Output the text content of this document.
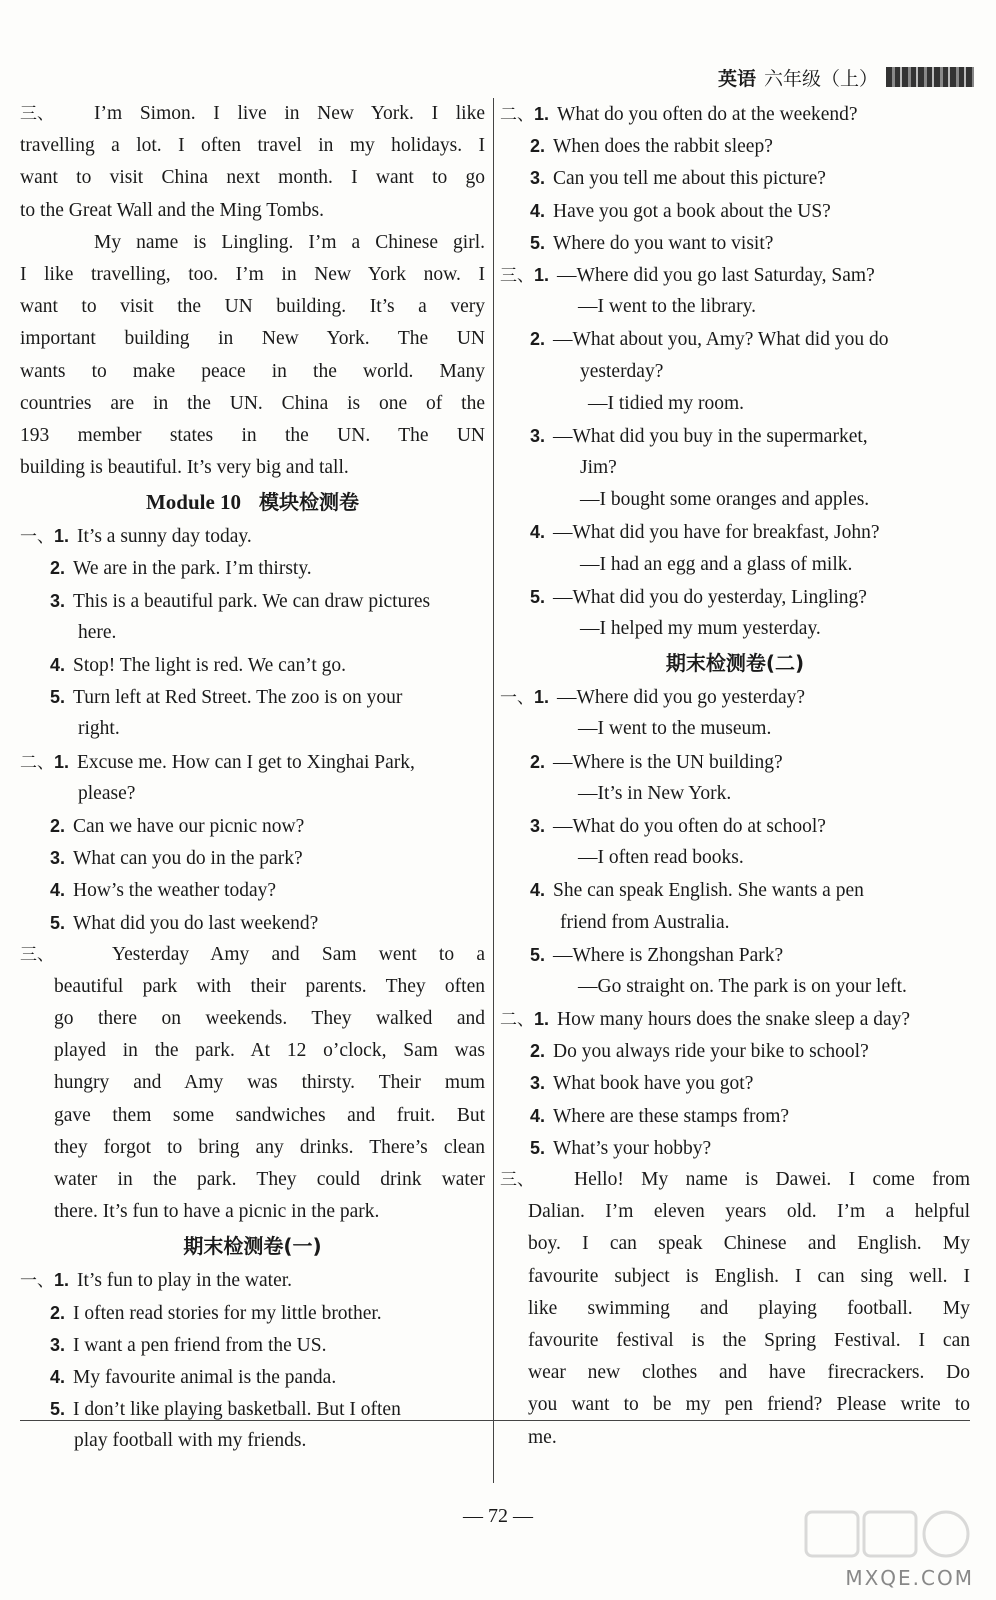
英语 六年级（上）
三、 I’m Simon. I live in New York. I like
travelling a lot. I often travel in my holidays. I
want to visit China next month. I want to go
to the Great Wall and the Ming Tombs.
My name is Lingling. I’m a Chinese girl.
I like travelling, too. I’m in New York now. I
want to visit the UN building. It’s a very
important building in New York. The UN
wants to make peace in the world. Many
countries are in the UN. China is one of the
193 member states in the UN. The UN
building is beautiful. It’s very big and tall.
Module 10 模块检测卷
一、1. It’s a sunny day today.
2. We are in the park. I’m thirsty.
3. This is a beautiful park. We can draw pictures
here.
4. Stop! The light is red. We can’t go.
5. Turn left at Red Street. The zoo is on your
right.
二、1. Excuse me. How can I get to Xinghai Park,
please?
2. Can we have our picnic now?
3. What can you do in the park?
4. How’s the weather today?
5. What did you do last weekend?
三、	Yesterday Amy and Sam went to a
beautiful park with their parents. They often
go there on weekends. They walked and
played in the park. At 12 o’clock, Sam was
hungry and Amy was thirsty. Their mum
gave them some sandwiches and fruit. But
they forgot to bring any drinks. There’s clean
water in the park. They could drink water
there. It’s fun to have a picnic in the park.
期末检测卷(一)
一、1. It’s fun to play in the water.
2. I often read stories for my little brother.
3. I want a pen friend from the US.
4. My favourite animal is the panda.
5. I don’t like playing basketball. But I often
play football with my friends.
二、1. What do you often do at the weekend?
2. When does the rabbit sleep?
3. Can you tell me about this picture?
4. Have you got a book about the US?
5. Where do you want to visit?
三、1. —Where did you go last Saturday, Sam?
—I went to the library.
2. —What about you, Amy? What did you do
yesterday?
—I tidied my room.
3. —What did you buy in the supermarket,
Jim?
—I bought some oranges and apples.
4. —What did you have for breakfast, John?
—I had an egg and a glass of milk.
5. —What did you do yesterday, Lingling?
—I helped my mum yesterday.
期末检测卷(二)
一、1. —Where did you go yesterday?
—I went to the museum.
2. —Where is the UN building?
—It’s in New York.
3. —What do you often do at school?
—I often read books.
4. She can speak English. She wants a pen
friend from Australia.
5. —Where is Zhongshan Park?
—Go straight on. The park is on your left.
二、1. How many hours does the snake sleep a day?
2. Do you always ride your bike to school?
3. What book have you got?
4. Where are these stamps from?
5. What’s your hobby?
三、 Hello! My name is Dawei. I come from
Dalian. I’m eleven years old. I’m a helpful
boy. I can speak Chinese and English. My
favourite subject is English. I can sing well. I
like swimming and playing football. My
favourite festival is the Spring Festival. I can
wear new clothes and have firecrackers. Do
you want to be my pen friend? Please write to
me.
— 72 —
MXQE.COM
